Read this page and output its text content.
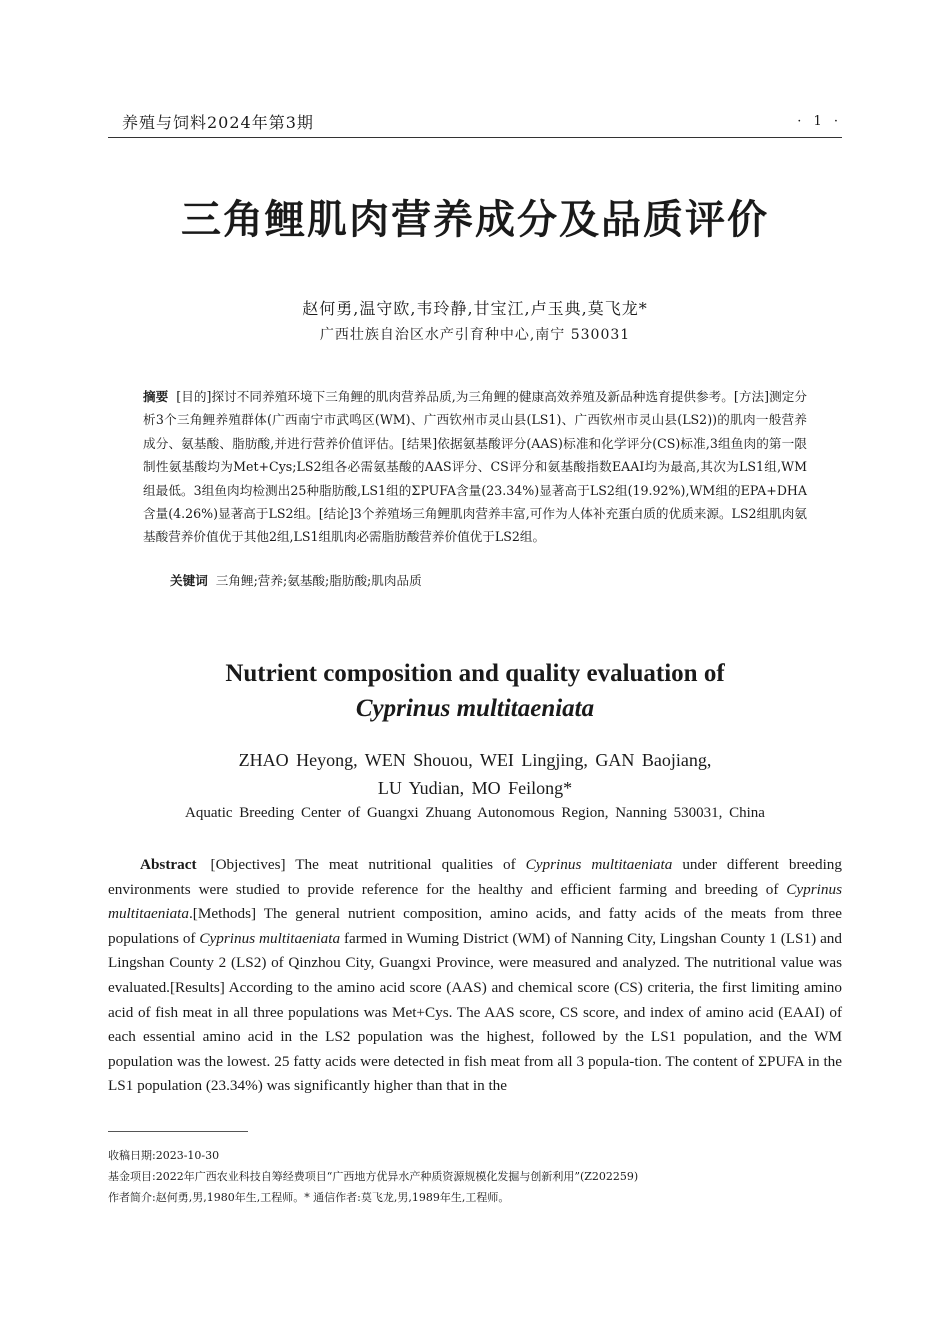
养殖与饲料2024年第3期	· 1 ·
三角鲤肌肉营养成分及品质评价
赵何勇,温守欧,韦玲静,甘宝江,卢玉典,莫飞龙*
广西壮族自治区水产引育种中心,南宁 530031
摘要 [目的]探讨不同养殖环境下三角鲤的肌肉营养品质,为三角鲤的健康高效养殖及新品种选育提供参考。[方法]测定分析3个三角鲤养殖群体(广西南宁市武鸣区(WM)、广西钦州市灵山县(LS1)、广西钦州市灵山县(LS2))的肌肉一般营养成分、氨基酸、脂肪酸,并进行营养价值评估。[结果]依据氨基酸评分(AAS)标准和化学评分(CS)标准,3组鱼肉的第一限制性氨基酸均为Met+Cys;LS2组各必需氨基酸的AAS评分、CS评分和氨基酸指数EAAI均为最高,其次为LS1组,WM组最低。3组鱼肉均检测出25种脂肪酸,LS1组的ΣPUFA含量(23.34%)显著高于LS2组(19.92%),WM组的EPA+DHA含量(4.26%)显著高于LS2组。[结论]3个养殖场三角鲤肌肉营养丰富,可作为人体补充蛋白质的优质来源。LS2组肌肉氨基酸营养价值优于其他2组,LS1组肌肉必需脂肪酸营养价值优于LS2组。
关键词 三角鲤;营养;氨基酸;脂肪酸;肌肉品质
Nutrient composition and quality evaluation of
Cyprinus multitaeniata
ZHAO Heyong, WEN Shouou, WEI Lingjing, GAN Baojiang,
LU Yudian, MO Feilong*
Aquatic Breeding Center of Guangxi Zhuang Autonomous Region, Nanning 530031, China
Abstract [Objectives] The meat nutritional qualities of Cyprinus multitaeniata under different breeding environments were studied to provide reference for the healthy and efficient farming and breeding of Cyprinus multitaeniata.[Methods] The general nutrient composition, amino acids, and fatty acids of the meats from three populations of Cyprinus multitaeniata farmed in Wuming District (WM) of Nanning City, Lingshan County 1 (LS1) and Lingshan County 2 (LS2) of Qinzhou City, Guangxi Province, were measured and analyzed. The nutritional value was evaluated.[Results] According to the amino acid score (AAS) and chemical score (CS) criteria, the first limiting amino acid of fish meat in all three populations was Met+Cys. The AAS score, CS score, and index of amino acid (EAAI) of each essential amino acid in the LS2 population was the highest, followed by the LS1 population, and the WM population was the lowest. 25 fatty acids were detected in fish meat from all 3 popula-tion. The content of ΣPUFA in the LS1 population (23.34%) was significantly higher than that in the
收稿日期:2023-10-30
基金项目:2022年广西农业科技自筹经费项目“广西地方优异水产种质资源规模化发掘与创新利用”(Z202259)
作者简介:赵何勇,男,1980年生,工程师。* 通信作者:莫飞龙,男,1989年生,工程师。
